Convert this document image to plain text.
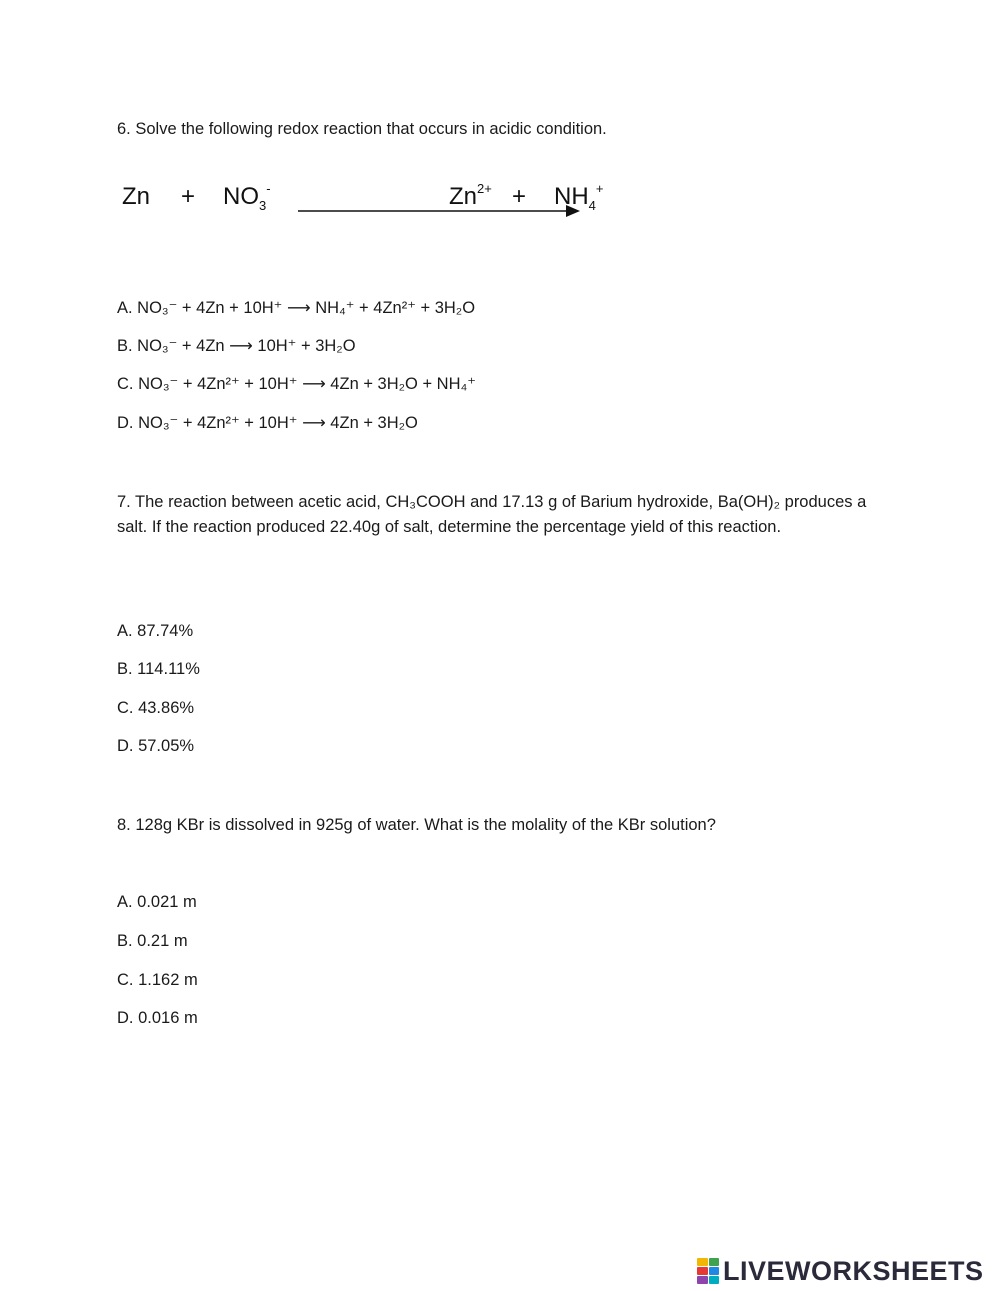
6. Solve the following redox reaction that occurs in acidic condition.
$Zn + NO_3^-$	$Zn^{2+} + NH_4^+$
A. NO₃⁻ + 4Zn + 10H⁺ ⟶ NH₄⁺ + 4Zn²⁺ + 3H₂O
B. NO₃⁻ + 4Zn ⟶ 10H⁺ + 3H₂O
C. NO₃⁻ + 4Zn²⁺ + 10H⁺ ⟶ 4Zn + 3H₂O + NH₄⁺
D. NO₃⁻ + 4Zn²⁺ + 10H⁺ ⟶ 4Zn + 3H₂O
7. The reaction between acetic acid, CH₃COOH and 17.13 g of Barium hydroxide, Ba(OH)₂ produces a salt. If the reaction produced 22.40g of salt, determine the percentage yield of this reaction.
A. 87.74%
B. 114.11%
C. 43.86%
D. 57.05%
8. 128g KBr is dissolved in 925g of water. What is the molality of the KBr solution?
A. 0.021 m
B. 0.21 m
C. 1.162 m
D. 0.016 m
LIVEWORKSHEETS
